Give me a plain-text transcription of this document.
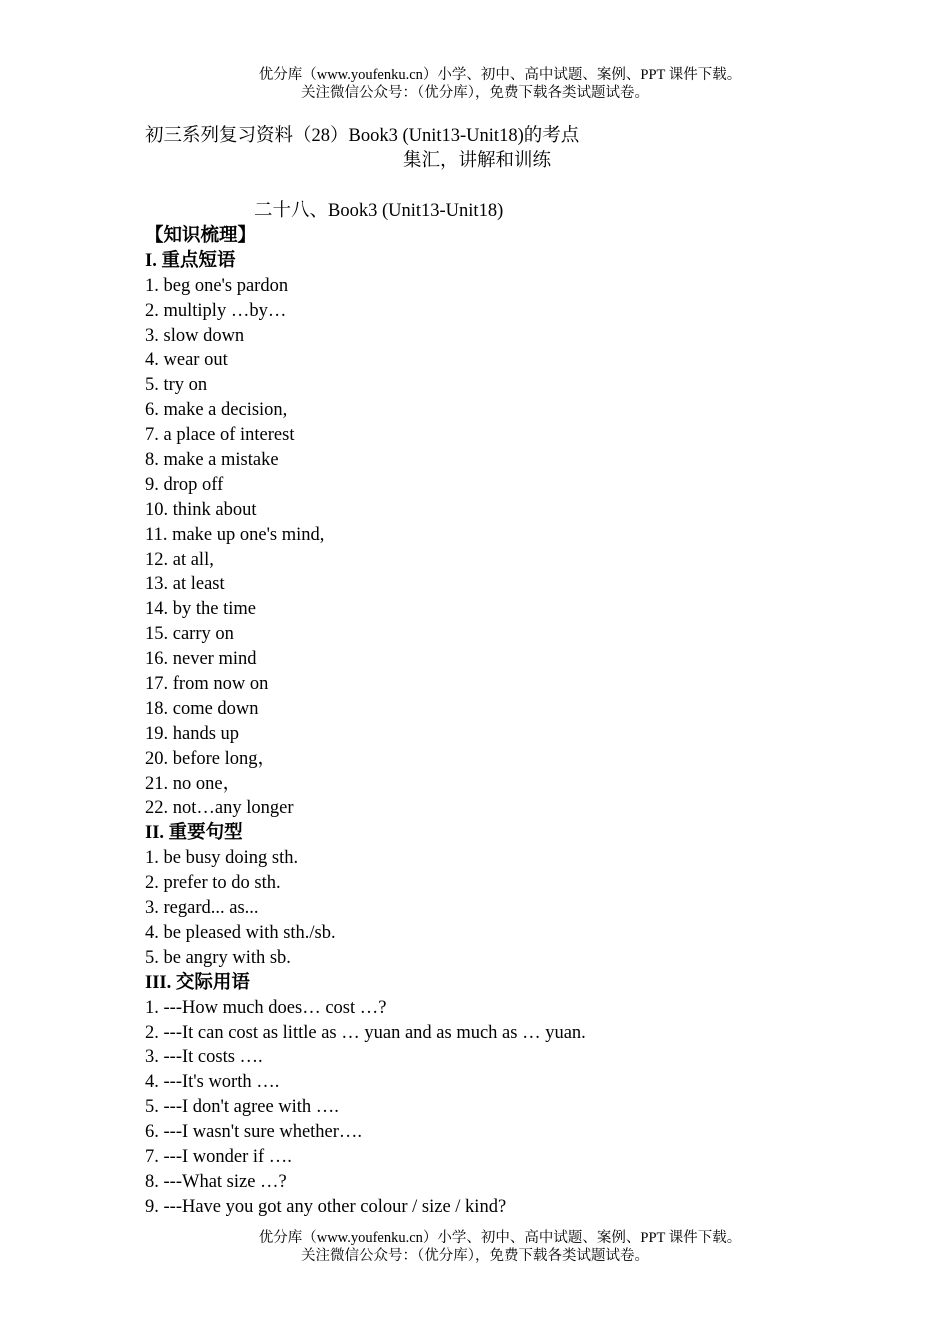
优分库（www.youfenku.cn）小学、初中、高中试题、案例、PPT 课件下载。
关注微信公众号：（优分库），免费下载各类试题试卷。
初三系列复习资料（28）Book3 (Unit13-Unit18)的考点
集汇，讲解和训练
二十八、Book3 (Unit13-Unit18)
【知识梳理】
I. 重点短语
1. beg one's pardon
2. multiply …by…
3. slow down
4. wear out
5. try on
6. make a decision,
7. a place of interest
8. make a mistake
9. drop off
10. think about
11. make up one's mind,
12. at all,
13. at least
14. by the time
15. carry on
16. never mind
17. from now on
18. come down
19. hands up
20. before long，
21. no one，
22. not…any longer
II. 重要句型
1. be busy doing sth.
2. prefer to do sth.
3. regard... as...
4. be pleased with sth./sb.
5. be angry with sb.
III. 交际用语
1. ---How much does… cost …?
2. ---It can cost as little as … yuan and as much as … yuan.
3. ---It costs ….
4. ---It's worth ….
5. ---I don't agree with ….
6. ---I wasn't sure whether….
7. ---I wonder if ….
8. ---What size …?
9. ---Have you got any other colour / size / kind?
优分库（www.youfenku.cn）小学、初中、高中试题、案例、PPT 课件下载。
关注微信公众号：（优分库），免费下载各类试题试卷。
